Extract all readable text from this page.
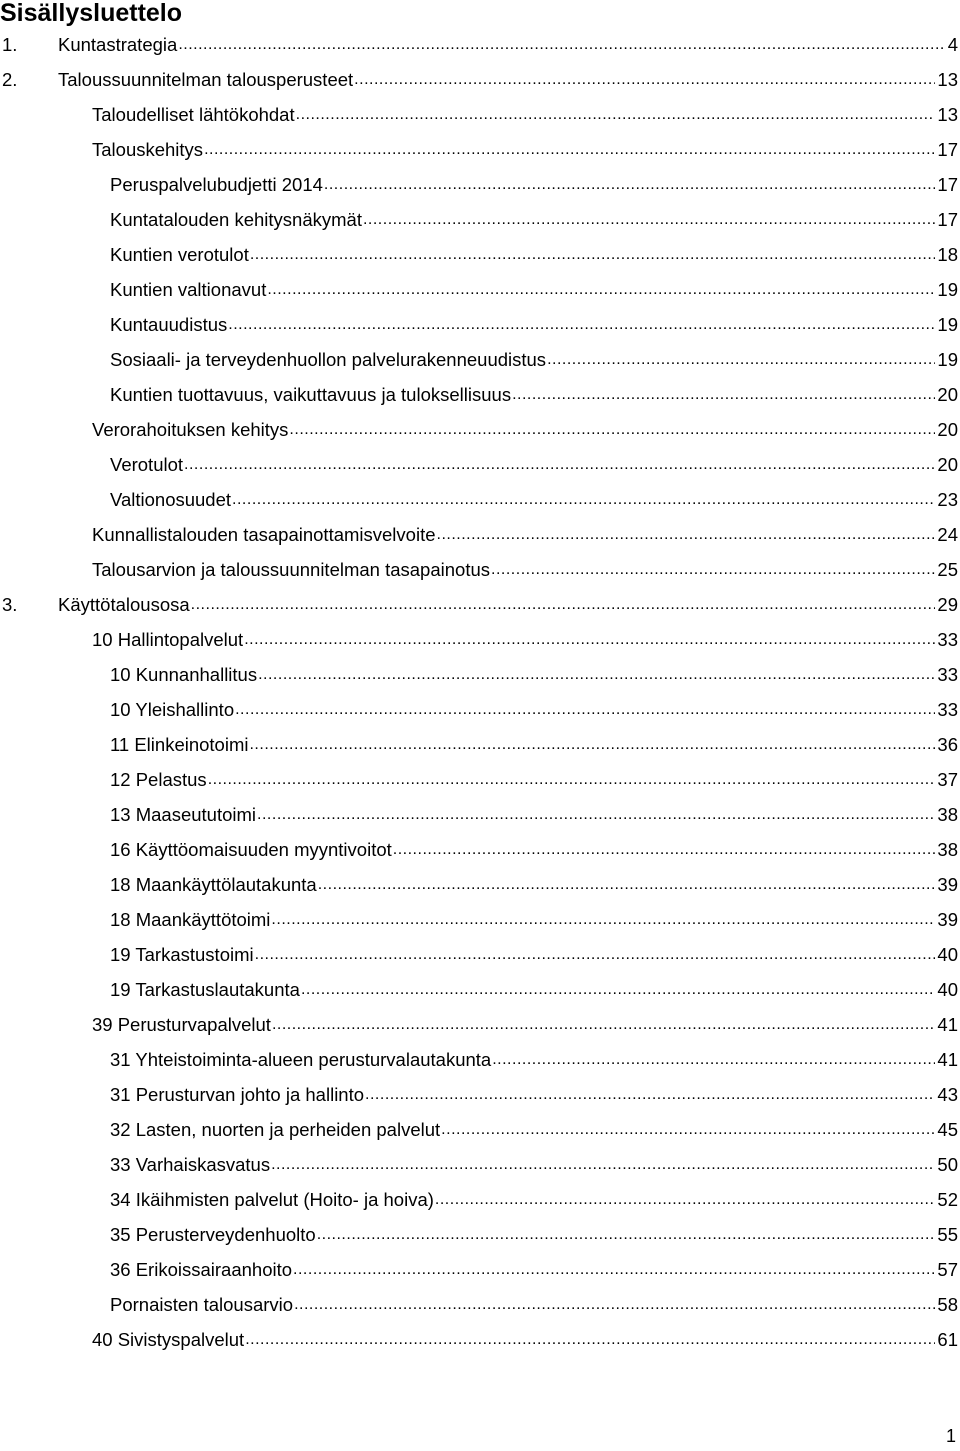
Sisällysluettelo
1.	Kuntastrategia .....	4
2.	Taloussuunnitelman talousperusteet .....	13
Taloudelliset lähtökohdat .....	13
Talouskehitys .....	17
Peruspalvelubudjetti 2014 .....	17
Kuntatalouden kehitysnäkymät .....	17
Kuntien verotulot .....	18
Kuntien valtionavut .....	19
Kuntauudistus .....	19
Sosiaali- ja terveydenhuollon palvelurakenneuudistus .....	19
Kuntien tuottavuus, vaikuttavuus ja tuloksellisuus .....	20
Verorahoituksen kehitys .....	20
Verotulot .....	20
Valtionosuudet .....	23
Kunnallistalouden tasapainottamisvelvoite .....	24
Talousarvion ja taloussuunnitelman tasapainotus .....	25
3.	Käyttötalousosa .....	29
10 Hallintopalvelut .....	33
10 Kunnanhallitus .....	33
10 Yleishallinto .....	33
11 Elinkeinotoimi .....	36
12 Pelastus .....	37
13 Maaseututoimi .....	38
16 Käyttöomaisuuden myyntivoitot .....	38
18 Maankäyttölautakunta .....	39
18 Maankäyttötoimi .....	39
19 Tarkastustoimi .....	40
19 Tarkastuslautakunta .....	40
39 Perusturvapalvelut .....	41
31 Yhteistoiminta-alueen perusturvalautakunta .....	41
31 Perusturvan johto ja hallinto .....	43
32 Lasten, nuorten ja perheiden palvelut .....	45
33 Varhaiskasvatus .....	50
34 Ikäihmisten palvelut (Hoito- ja hoiva) .....	52
35 Perusterveydenhuolto .....	55
36 Erikoissairaanhoito .....	57
Pornaisten talousarvio .....	58
40 Sivistyspalvelut .....	61
1
